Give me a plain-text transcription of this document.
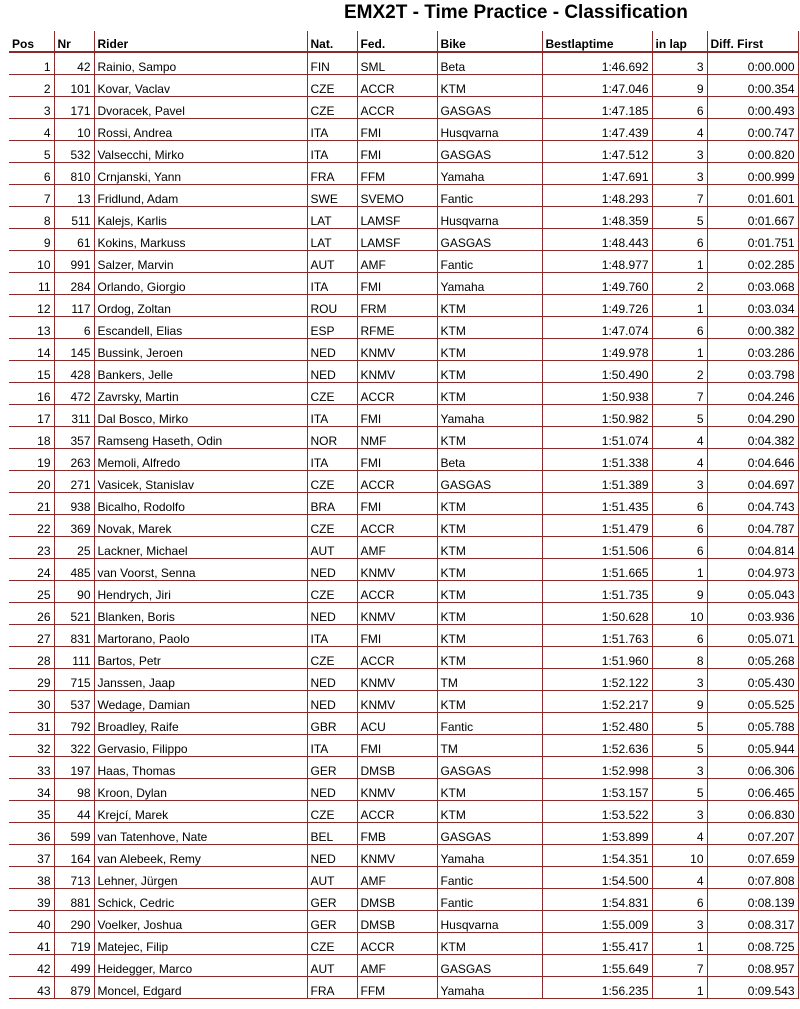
EMX2T - Time Practice - Classification
Pos	Nr	Rider	Nat.	Fed.	Bike	Bestlaptime	in lap	Diff. First
1	42	Rainio, Sampo	FIN	SML	Beta	1:46.692	3	0:00.000
2	101	Kovar, Vaclav	CZE	ACCR	KTM	1:47.046	9	0:00.354
3	171	Dvoracek, Pavel	CZE	ACCR	GASGAS	1:47.185	6	0:00.493
4	10	Rossi, Andrea	ITA	FMI	Husqvarna	1:47.439	4	0:00.747
5	532	Valsecchi, Mirko	ITA	FMI	GASGAS	1:47.512	3	0:00.820
6	810	Crnjanski, Yann	FRA	FFM	Yamaha	1:47.691	3	0:00.999
7	13	Fridlund, Adam	SWE	SVEMO	Fantic	1:48.293	7	0:01.601
8	511	Kalejs, Karlis	LAT	LAMSF	Husqvarna	1:48.359	5	0:01.667
9	61	Kokins, Markuss	LAT	LAMSF	GASGAS	1:48.443	6	0:01.751
10	991	Salzer, Marvin	AUT	AMF	Fantic	1:48.977	1	0:02.285
11	284	Orlando, Giorgio	ITA	FMI	Yamaha	1:49.760	2	0:03.068
12	117	Ordog, Zoltan	ROU	FRM	KTM	1:49.726	1	0:03.034
13	6	Escandell, Elias	ESP	RFME	KTM	1:47.074	6	0:00.382
14	145	Bussink, Jeroen	NED	KNMV	KTM	1:49.978	1	0:03.286
15	428	Bankers, Jelle	NED	KNMV	KTM	1:50.490	2	0:03.798
16	472	Zavrsky, Martin	CZE	ACCR	KTM	1:50.938	7	0:04.246
17	311	Dal Bosco, Mirko	ITA	FMI	Yamaha	1:50.982	5	0:04.290
18	357	Ramseng Haseth, Odin	NOR	NMF	KTM	1:51.074	4	0:04.382
19	263	Memoli, Alfredo	ITA	FMI	Beta	1:51.338	4	0:04.646
20	271	Vasicek, Stanislav	CZE	ACCR	GASGAS	1:51.389	3	0:04.697
21	938	Bicalho, Rodolfo	BRA	FMI	KTM	1:51.435	6	0:04.743
22	369	Novak, Marek	CZE	ACCR	KTM	1:51.479	6	0:04.787
23	25	Lackner, Michael	AUT	AMF	KTM	1:51.506	6	0:04.814
24	485	van Voorst, Senna	NED	KNMV	KTM	1:51.665	1	0:04.973
25	90	Hendrych, Jiri	CZE	ACCR	KTM	1:51.735	9	0:05.043
26	521	Blanken, Boris	NED	KNMV	KTM	1:50.628	10	0:03.936
27	831	Martorano, Paolo	ITA	FMI	KTM	1:51.763	6	0:05.071
28	111	Bartos, Petr	CZE	ACCR	KTM	1:51.960	8	0:05.268
29	715	Janssen, Jaap	NED	KNMV	TM	1:52.122	3	0:05.430
30	537	Wedage, Damian	NED	KNMV	KTM	1:52.217	9	0:05.525
31	792	Broadley, Raife	GBR	ACU	Fantic	1:52.480	5	0:05.788
32	322	Gervasio, Filippo	ITA	FMI	TM	1:52.636	5	0:05.944
33	197	Haas, Thomas	GER	DMSB	GASGAS	1:52.998	3	0:06.306
34	98	Kroon, Dylan	NED	KNMV	KTM	1:53.157	5	0:06.465
35	44	Krejcí, Marek	CZE	ACCR	KTM	1:53.522	3	0:06.830
36	599	van Tatenhove, Nate	BEL	FMB	GASGAS	1:53.899	4	0:07.207
37	164	van Alebeek, Remy	NED	KNMV	Yamaha	1:54.351	10	0:07.659
38	713	Lehner, Jürgen	AUT	AMF	Fantic	1:54.500	4	0:07.808
39	881	Schick, Cedric	GER	DMSB	Fantic	1:54.831	6	0:08.139
40	290	Voelker, Joshua	GER	DMSB	Husqvarna	1:55.009	3	0:08.317
41	719	Matejec, Filip	CZE	ACCR	KTM	1:55.417	1	0:08.725
42	499	Heidegger, Marco	AUT	AMF	GASGAS	1:55.649	7	0:08.957
43	879	Moncel, Edgard	FRA	FFM	Yamaha	1:56.235	1	0:09.543
